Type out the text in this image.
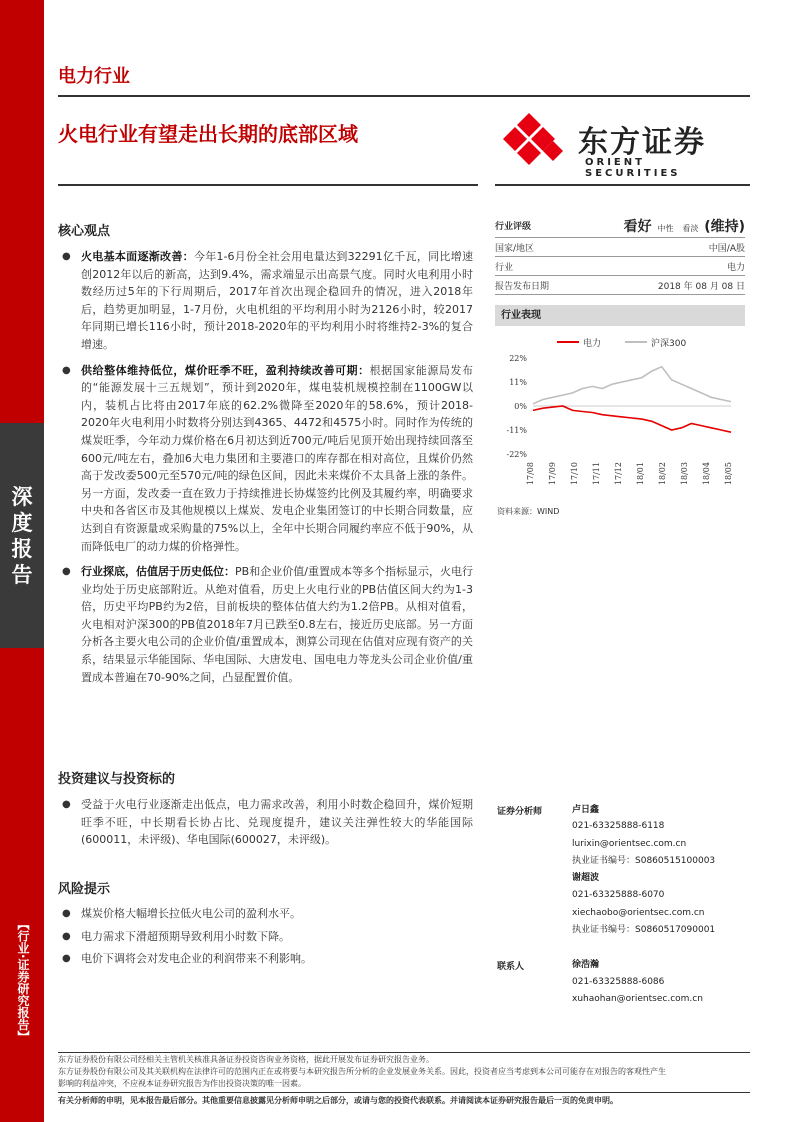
深
度
报
告
【行业·证券研究报告】
电力行业
火电行业有望走出长期的底部区域	东方证券
ORIENT SECURITIES
核心观点
● 火电基本面逐渐改善：今年1-6月份全社会用电量达到32291亿千瓦，同比增速创2012年以后的新高，达到9.4%，需求端显示出高景气度。同时火电利用小时数经历过5年的下行周期后，2017年首次出现企稳回升的情况，进入2018年后，趋势更加明显，1-7月份，火电机组的平均利用小时为2126小时，较2017年同期已增长116小时，预计2018-2020年的平均利用小时将维持2-3%的复合增速。
● 供给整体维持低位，煤价旺季不旺，盈利持续改善可期：根据国家能源局发布的“能源发展十三五规划”，预计到2020年，煤电装机规模控制在1100GW以内，装机占比将由2017年底的62.2%微降至2020年的58.6%，预计2018-2020年火电利用小时数将分别达到4365、4472和4575小时。同时作为传统的煤炭旺季，今年动力煤价格在6月初达到近700元/吨后见顶开始出现持续回落至600元/吨左右，叠加6大电力集团和主要港口的库存都在相对高位，且煤价仍然高于发改委500元至570元/吨的绿色区间，因此未来煤价不太具备上涨的条件。另一方面，发改委一直在致力于持续推进长协煤签约比例及其履约率，明确要求中央和各省区市及其他规模以上煤炭、发电企业集团签订的中长期合同数量，应达到自有资源量或采购量的75%以上，全年中长期合同履约率应不低于90%，从而降低电厂的动力煤的价格弹性。
● 行业探底，估值居于历史低位：PB和企业价值/重置成本等多个指标显示，火电行业均处于历史底部附近。从绝对值看，历史上火电行业的PB估值区间大约为1-3倍，历史平均PB约为2倍，目前板块的整体估值大约为1.2倍PB。从相对值看，火电相对沪深300的PB值2018年7月已跌至0.8左右，接近历史底部。另一方面分析各主要火电公司的企业价值/重置成本，测算公司现在估值对应现有资产的关系，结果显示华能国际、华电国际、大唐发电、国电电力等龙头公司企业价值/重置成本普遍在70-90%之间，凸显配置价值。
投资建议与投资标的
● 受益于火电行业逐渐走出低点，电力需求改善，利用小时数企稳回升，煤价短期旺季不旺，中长期看长协占比、兑现度提升，建议关注弹性较大的华能国际(600011，未评级)、华电国际(600027，未评级)。
风险提示
● 煤炭价格大幅增长拉低火电公司的盈利水平。
● 电力需求下滑超预期导致利用小时数下降。
● 电价下调将会对发电企业的利润带来不利影响。
行业评级	看好 中性 看淡 (维持)
国家/地区	中国/A股
行业	电力
报告发布日期	2018 年 08 月 08 日
行业表现
电力	沪深300
22%
11%
0%
-11%
-22%
17/08 17/09 17/10 17/11 17/12 18/01 18/02 18/03 18/04 18/05
资料来源：WIND
证券分析师	卢日鑫
021-63325888-6118
lurixin@orientsec.com.cn
执业证书编号：S0860515100003
谢超波
021-63325888-6070
xiechaobo@orientsec.com.cn
执业证书编号：S0860517090001
联系人	徐浩瀚
021-63325888-6086
xuhaohan@orientsec.com.cn
东方证券股份有限公司经相关主管机关核准具备证券投资咨询业务资格，据此开展发布证券研究报告业务。
东方证券股份有限公司及其关联机构在法律许可的范围内正在或将要与本研究报告所分析的企业发展业务关系。因此，投资者应当考虑到本公司可能存在对报告的客观性产生
影响的利益冲突，不应视本证券研究报告为作出投资决策的唯一因素。
有关分析师的申明，见本报告最后部分。其他重要信息披露见分析师申明之后部分，或请与您的投资代表联系。并请阅读本证券研究报告最后一页的免责申明。
